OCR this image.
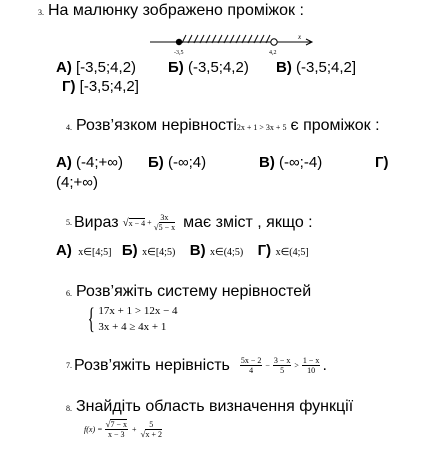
3. На малюнку зображено проміжок :
-3,5	4,2
x
А) [-3,5;4,2) Б) (-3,5;4,2) В) (-3,5;4,2]
Г) [-3,5;4,2]
4. Розв’язком нерівності2x + 1 > 3x + 5 є проміжок :
А) (-4;+∞) Б) (-∞;4)	В) (-∞;-4)	Г)
(4;+∞)
5. Вираз √ $x - 4 + \frac{3x}{√5 - x}$ має зміст , якщо :
А) x∈[4;5] Б) x∈[4;5) В) x∈(4;5) Г) x∈(4;5]
6. Розв’яжіть систему нерівностей
{ 17x + 1 > 12x − 4
3x + 4 ≥ 4x + 1
7. Розв’яжіть нерівність $\frac{5x - 2}{4} - \frac{3 - x}{5} > \frac{1 - x}{10}$ .
8. Знайдіть область визначення функції
$f(x) = \frac{√7 - x}{x - 3} + \frac{5}{√x + 2}$
